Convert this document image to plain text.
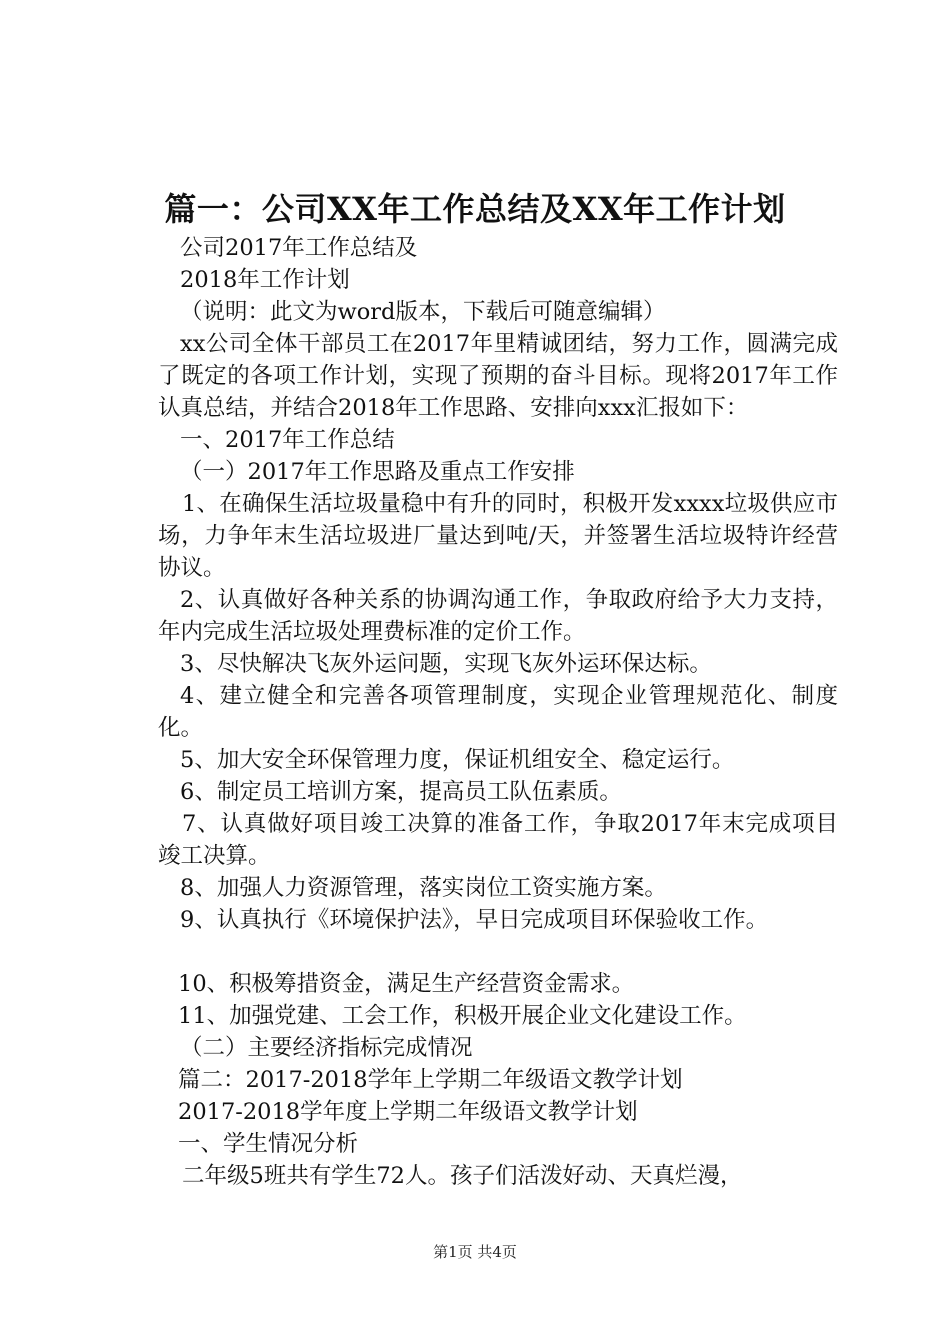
篇一：公司XX年工作总结及XX年工作计划

公司2017年工作总结及

2018年工作计划

（说明：此文为word版本，下载后可随意编辑）

xx公司全体干部员工在2017年里精诚团结，努力工作，圆满完成了既定的各项工作计划，实现了预期的奋斗目标。现将2017年工作认真总结，并结合2018年工作思路、安排向xxx汇报如下：

一、2017年工作总结

（一）2017年工作思路及重点工作安排

1、在确保生活垃圾量稳中有升的同时，积极开发xxxx垃圾供应市场，力争年末生活垃圾进厂量达到吨/天，并签署生活垃圾特许经营协议。

2、认真做好各种关系的协调沟通工作，争取政府给予大力支持，年内完成生活垃圾处理费标准的定价工作。

3、尽快解决飞灰外运问题，实现飞灰外运环保达标。

4、建立健全和完善各项管理制度，实现企业管理规范化、制度化。

5、加大安全环保管理力度，保证机组安全、稳定运行。

6、制定员工培训方案，提高员工队伍素质。

7、认真做好项目竣工决算的准备工作，争取2017年末完成项目竣工决算。

8、加强人力资源管理，落实岗位工资实施方案。

9、认真执行《环境保护法》，早日完成项目环保验收工作。

10、积极筹措资金，满足生产经营资金需求。

11、加强党建、工会工作，积极开展企业文化建设工作。

（二）主要经济指标完成情况

篇二：2017-2018学年上学期二年级语文教学计划

2017-2018学年度上学期二年级语文教学计划

一、学生情况分析

二年级5班共有学生72人。孩子们活泼好动、天真烂漫，

第1页 共4页
